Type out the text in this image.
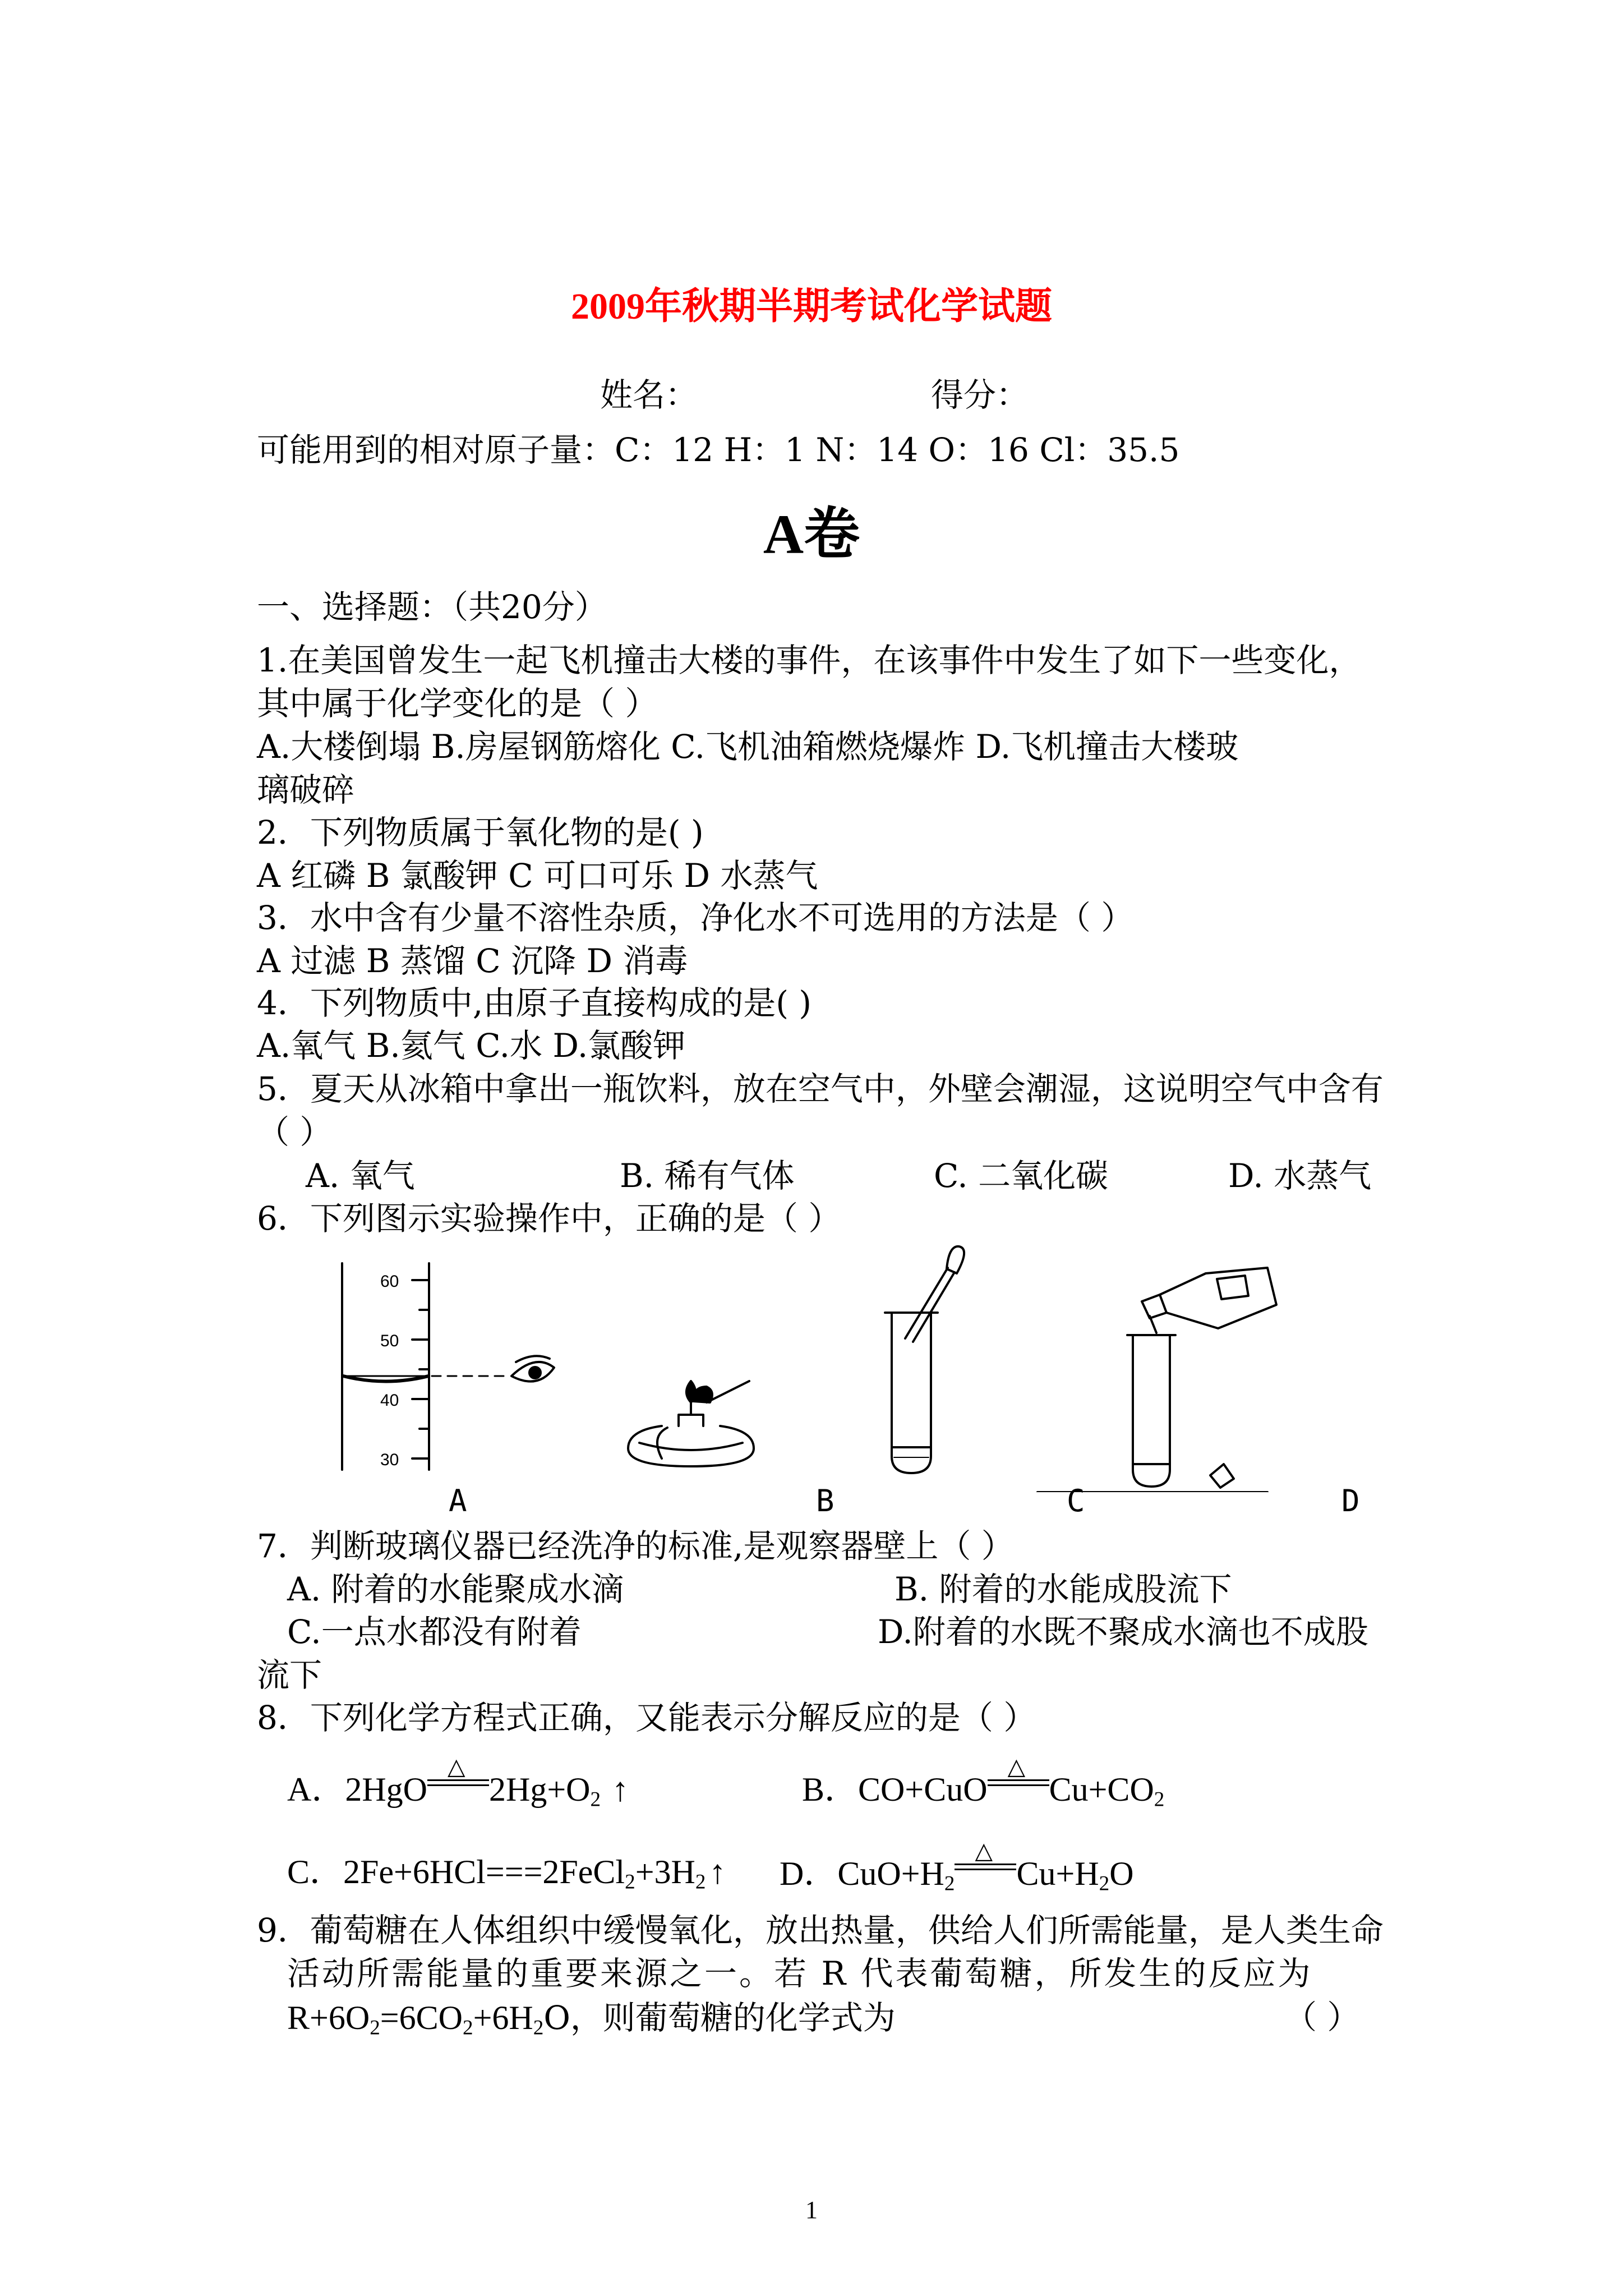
2009年秋期半期考试化学试题
姓名：	得分：
可能用到的相对原子量：C：12 H：1 N：14 O：16 Cl：35.5
A卷
一、选择题：（共20分）
1.在美国曾发生一起飞机撞击大楼的事件，在该事件中发生了如下一些变化，
其中属于化学变化的是（ ）
A.大楼倒塌 B.房屋钢筋熔化 C.飞机油箱燃烧爆炸 D.飞机撞击大楼玻
璃破碎
2．下列物质属于氧化物的是( )
A 红磷 B 氯酸钾 C 可口可乐 D 水蒸气
3．水中含有少量不溶性杂质，净化水不可选用的方法是（ ）
A 过滤 B 蒸馏 C 沉降 D 消毒
4．下列物质中,由原子直接构成的是( )
A.氧气 B.氦气 C.水 D.氯酸钾
5．夏天从冰箱中拿出一瓶饮料，放在空气中，外壁会潮湿，这说明空气中含有
（ ）
A. 氧气	B. 稀有气体	C. 二氧化碳	D. 水蒸气
6．下列图示实验操作中，正确的是（ ）
60
50
40
30
A	B	C	D
7．判断玻璃仪器已经洗净的标准,是观察器壁上（ ）
A. 附着的水能聚成水滴	B. 附着的水能成股流下
C.一点水都没有附着	D.附着的水既不聚成水滴也不成股
流下
8．下列化学方程式正确，又能表示分解反应的是（ ）
A．2HgO
△
$2Hg+O_2$ ↑	B．CO+CuO
△
$Cu+CO_2$
C．$2Fe+6HCl===2FeCl_2+3H_2$ ↑ D．$CuO+H_2$
△
$Cu+H_2O$
9．葡萄糖在人体组织中缓慢氧化，放出热量，供给人们所需能量，是人类生命
活动所需能量的重要来源之一。若 R 代表葡萄糖，所发生的反应为
$R+6O_2=6CO_2+6H_2O$，则葡萄糖的化学式为	（ ）
1
